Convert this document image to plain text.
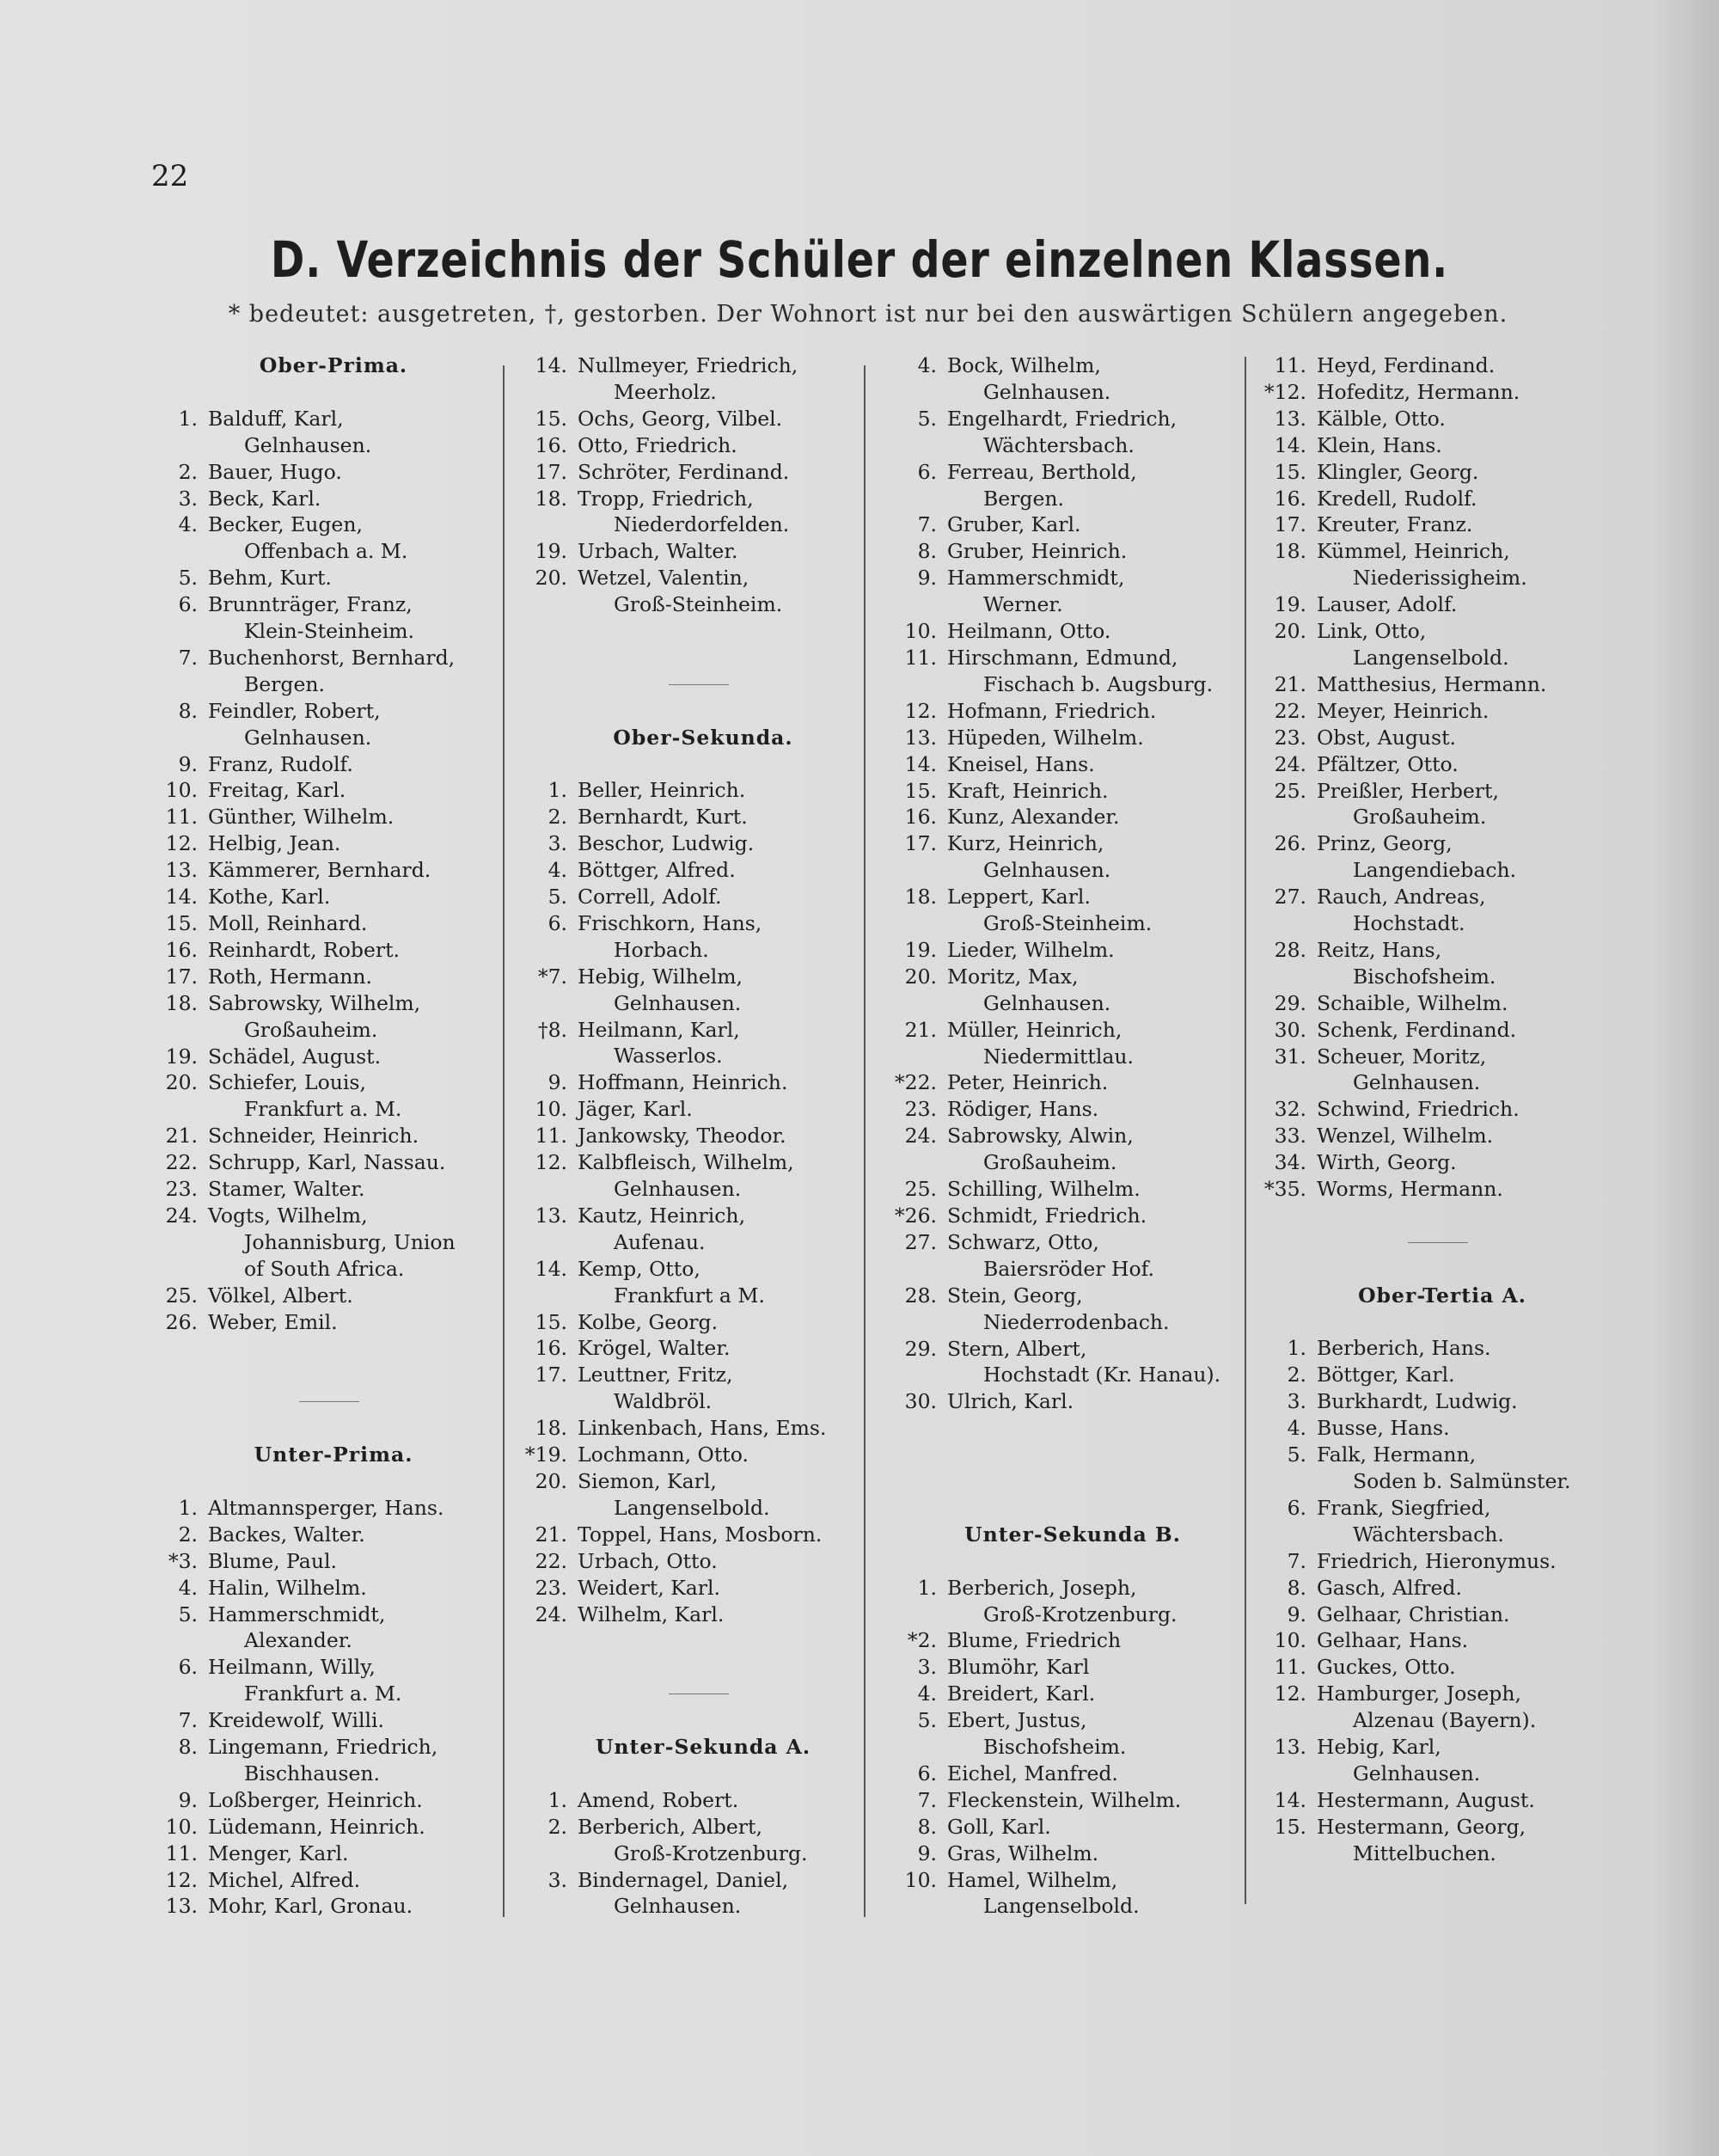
22
D. Verzeichnis der Schüler der einzelnen Klassen.
* bedeutet: ausgetreten, †, gestorben. Der Wohnort ist nur bei den auswärtigen Schülern angegeben.
Ober-Prima.
1. Balduff, Karl,
Gelnhausen.
2. Bauer, Hugo.
3. Beck, Karl.
4. Becker, Eugen,
Offenbach a. M.
5. Behm, Kurt.
6. Brunnträger, Franz,
Klein-Steinheim.
7. Buchenhorst, Bernhard,
Bergen.
8. Feindler, Robert,
Gelnhausen.
9. Franz, Rudolf.
10. Freitag, Karl.
11. Günther, Wilhelm.
12. Helbig, Jean.
13. Kämmerer, Bernhard.
14. Kothe, Karl.
15. Moll, Reinhard.
16. Reinhardt, Robert.
17. Roth, Hermann.
18. Sabrowsky, Wilhelm,
Großauheim.
19. Schädel, August.
20. Schiefer, Louis,
Frankfurt a. M.
21. Schneider, Heinrich.
22. Schrupp, Karl, Nassau.
23. Stamer, Walter.
24. Vogts, Wilhelm,
Johannisburg, Union
of South Africa.
25. Völkel, Albert.
26. Weber, Emil.
Unter-Prima.
1. Altmannsperger, Hans.
2. Backes, Walter.
*3. Blume, Paul.
4. Halin, Wilhelm.
5. Hammerschmidt,
Alexander.
6. Heilmann, Willy,
Frankfurt a. M.
7. Kreidewolf, Willi.
8. Lingemann, Friedrich,
Bischhausen.
9. Loßberger, Heinrich.
10. Lüdemann, Heinrich.
11. Menger, Karl.
12. Michel, Alfred.
13. Mohr, Karl, Gronau.
14. Nullmeyer, Friedrich,
Meerholz.
15. Ochs, Georg, Vilbel.
16. Otto, Friedrich.
17. Schröter, Ferdinand.
18. Tropp, Friedrich,
Niederdorfelden.
19. Urbach, Walter.
20. Wetzel, Valentin,
Groß-Steinheim.
Ober-Sekunda.
1. Beller, Heinrich.
2. Bernhardt, Kurt.
3. Beschor, Ludwig.
4. Böttger, Alfred.
5. Correll, Adolf.
6. Frischkorn, Hans,
Horbach.
*7. Hebig, Wilhelm,
Gelnhausen.
†8. Heilmann, Karl,
Wasserlos.
9. Hoffmann, Heinrich.
10. Jäger, Karl.
11. Jankowsky, Theodor.
12. Kalbfleisch, Wilhelm,
Gelnhausen.
13. Kautz, Heinrich,
Aufenau.
14. Kemp, Otto,
Frankfurt a M.
15. Kolbe, Georg.
16. Krögel, Walter.
17. Leuttner, Fritz,
Waldbröl.
18. Linkenbach, Hans, Ems.
*19. Lochmann, Otto.
20. Siemon, Karl,
Langenselbold.
21. Toppel, Hans, Mosborn.
22. Urbach, Otto.
23. Weidert, Karl.
24. Wilhelm, Karl.
Unter-Sekunda A.
1. Amend, Robert.
2. Berberich, Albert,
Groß-Krotzenburg.
3. Bindernagel, Daniel,
Gelnhausen.
4. Bock, Wilhelm,
Gelnhausen.
5. Engelhardt, Friedrich,
Wächtersbach.
6. Ferreau, Berthold,
Bergen.
7. Gruber, Karl.
8. Gruber, Heinrich.
9. Hammerschmidt,
Werner.
10. Heilmann, Otto.
11. Hirschmann, Edmund,
Fischach b. Augsburg.
12. Hofmann, Friedrich.
13. Hüpeden, Wilhelm.
14. Kneisel, Hans.
15. Kraft, Heinrich.
16. Kunz, Alexander.
17. Kurz, Heinrich,
Gelnhausen.
18. Leppert, Karl.
Groß-Steinheim.
19. Lieder, Wilhelm.
20. Moritz, Max,
Gelnhausen.
21. Müller, Heinrich,
Niedermittlau.
*22. Peter, Heinrich.
23. Rödiger, Hans.
24. Sabrowsky, Alwin,
Großauheim.
25. Schilling, Wilhelm.
*26. Schmidt, Friedrich.
27. Schwarz, Otto,
Baiersröder Hof.
28. Stein, Georg,
Niederrodenbach.
29. Stern, Albert,
Hochstadt (Kr. Hanau).
30. Ulrich, Karl.
Unter-Sekunda B.
1. Berberich, Joseph,
Groß-Krotzenburg.
*2. Blume, Friedrich
3. Blumöhr, Karl
4. Breidert, Karl.
5. Ebert, Justus,
Bischofsheim.
6. Eichel, Manfred.
7. Fleckenstein, Wilhelm.
8. Goll, Karl.
9. Gras, Wilhelm.
10. Hamel, Wilhelm,
Langenselbold.
11. Heyd, Ferdinand.
*12. Hofeditz, Hermann.
13. Kälble, Otto.
14. Klein, Hans.
15. Klingler, Georg.
16. Kredell, Rudolf.
17. Kreuter, Franz.
18. Kümmel, Heinrich,
Niederissigheim.
19. Lauser, Adolf.
20. Link, Otto,
Langenselbold.
21. Matthesius, Hermann.
22. Meyer, Heinrich.
23. Obst, August.
24. Pfältzer, Otto.
25. Preißler, Herbert,
Großauheim.
26. Prinz, Georg,
Langendiebach.
27. Rauch, Andreas,
Hochstadt.
28. Reitz, Hans,
Bischofsheim.
29. Schaible, Wilhelm.
30. Schenk, Ferdinand.
31. Scheuer, Moritz,
Gelnhausen.
32. Schwind, Friedrich.
33. Wenzel, Wilhelm.
34. Wirth, Georg.
*35. Worms, Hermann.
Ober-Tertia A.
1. Berberich, Hans.
2. Böttger, Karl.
3. Burkhardt, Ludwig.
4. Busse, Hans.
5. Falk, Hermann,
Soden b. Salmünster.
6. Frank, Siegfried,
Wächtersbach.
7. Friedrich, Hieronymus.
8. Gasch, Alfred.
9. Gelhaar, Christian.
10. Gelhaar, Hans.
11. Guckes, Otto.
12. Hamburger, Joseph,
Alzenau (Bayern).
13. Hebig, Karl,
Gelnhausen.
14. Hestermann, August.
15. Hestermann, Georg,
Mittelbuchen.
